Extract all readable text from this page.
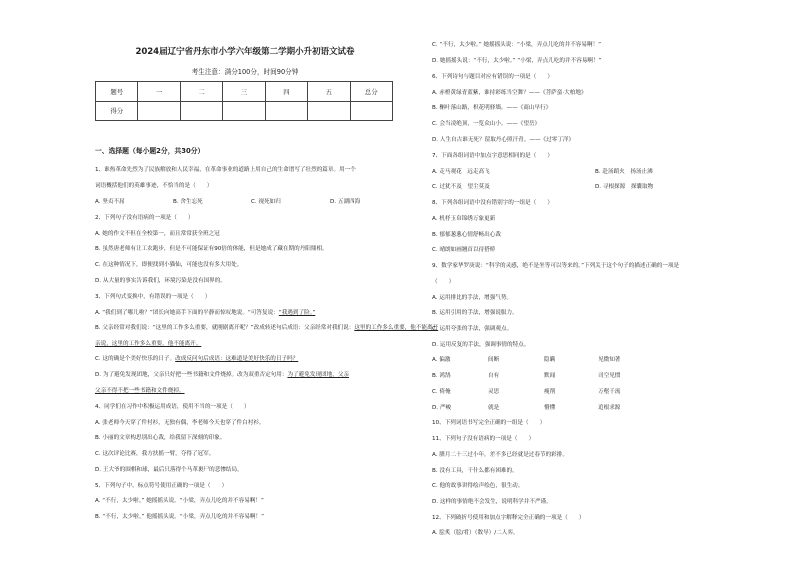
2024届辽宁省丹东市小学六年级第二学期小升初语文试卷
考生注意：满分100分，时间90分钟
题号	一	二	三	四	五	总分
得分						
一、选择题（每小题2分，共30分）
1、谁热革命先烈为了民族解放和人民幸福，在革命事业的道路上用自己的生命谱写了壮烈的篇章。用一个
词语概括他们的英雄事迹，不恰当的是（　　）
A. 坚贞不屈	B. 舍生忘死	C. 视死如归	D. 五湖四海
2、下列句子没有语病的一项是（　　）
A. 她的作文不但在全校第一，而且常常获全班之冠
B. 虽然唐老师有让工农跑步，但是不可能保证有90倍的体能，但是她成了藏在期的丹阳鼎相。
C. 在这种情况下，即便找到小猫仙，可能也没有多大用处。
D. 从大量的事实告诉我们，环境污染是没有国界的。
3、下列句式变换中，有错误的一项是（　　）
A. “我们到了哪儿啦？”团长向她高手下面的平静而惊叹地说。“可答复说：“我遇到了险。”
B. 父亲经常对我们说：“这里的工作多么重要，就刚剧离开呢？”改成转述句后成语：父亲经常对我们说：这里的工作多么重要，他不能离开
亲说，这里的工作多么重要，他不能离开。
C. 这的确是个美好快乐的日子。改成反问句后成语：这难道是美好快乐的日子吗？
D. 为了避免发现团地，父亲只好把一些书籍和文件烧掉。改为双重否定句用：为了避免发现团地，父亲
父亲不得不把一些书籍和文件烧掉。
4、同学们在习作中积极运用成语，使用不当的一项是（　　）
A. 张老师今天穿了件衬衫，无独有偶，李老师今天也穿了件白衬衫。
B. 小丽的文章构思别出心裁，给我留下深刻的印象。
C. 这次评论比赛，我方扶摇一臂，夺得了冠军。
D. 王大爷的围棋和球，最后只落得个马革裹尸的悲惨结局。
5、下列句子中，标点符号使用正确的一项是（　　）
A. “不行，太少啦。” 她摇摇头说。“小梁，弄点儿吃的并不容易啊！”
B. “不行，太少啦。” 他摇摇头说。“小梁，弄点儿吃的并不容易啊！”
C. “不行，太少啦。” 她摇摇头说：“小梁，弄点儿吃的并不容易啊！”
D. 她摇摇头说：“不行，太少啦。” “小梁，弄点儿吃的并不容易啊！”
6、下列诗句与题目对应有错误的一项是（　　）
A. 赤橙黄绿青蓝紫，谁持彩练当空舞？——《菩萨蛮·大柏地》
B. 槲叶落山路，枳花明驿墙。——《商山早行》
C. 会当凌绝顶，一览众山小。——《望岳》
D. 人生自古谁无死？留取丹心照汗青。——《过零丁洋》
7、下面各组词语中加点字意思相同的是（　　）
A. 走马观花　远走高飞	B. 赴汤蹈火　扬汤止沸
C. 过犹不及　望尘莫及	D. 寻根探源　探囊取物
8、下列各组词语中没有错别字的一组是（　　）
A. 机杼玉帛锦绣万象更新
B. 郁郁葱葱心情舒畅出心裁
C. 晴朗如画翘首以待搭桥
9、数学家华罗庚说：“科学的灵感，绝不是坐等可以等来的。”下列关于这个句子的描述正确的一项是
（　　）
A. 运用排比的手法，增强气势。
B. 运用引用的手法，增强说服力。
C. 运用夸张的手法，强调观点。
D. 运用反复的手法，强调事情的特点。
A. 偏激	间断	隐瞒	见微知著
B. 鸿鹄	自有	默闻	司空见惯
C. 倚俺	灵思	瘦削	万壑千流
D. 严峻	就是	懵懂	追根求源
10、下列词语书写完全正确的一组是（　　）
11、下列句子没有语病的一项是（　　）
A. 腊月二十三过小年，差不多已经就是过春节的彩排。
B. 没有工具，干什么都有困难的。
C. 他的故事讲得绘声绘色，很生动。
D. 这样的事情绝不会发生，说明科学并不严谨。
12、下列破折号使用和加点字解释完全正确的一项是（　　）
A. 脍炙（脍/肴）（数导）/二人弈。
